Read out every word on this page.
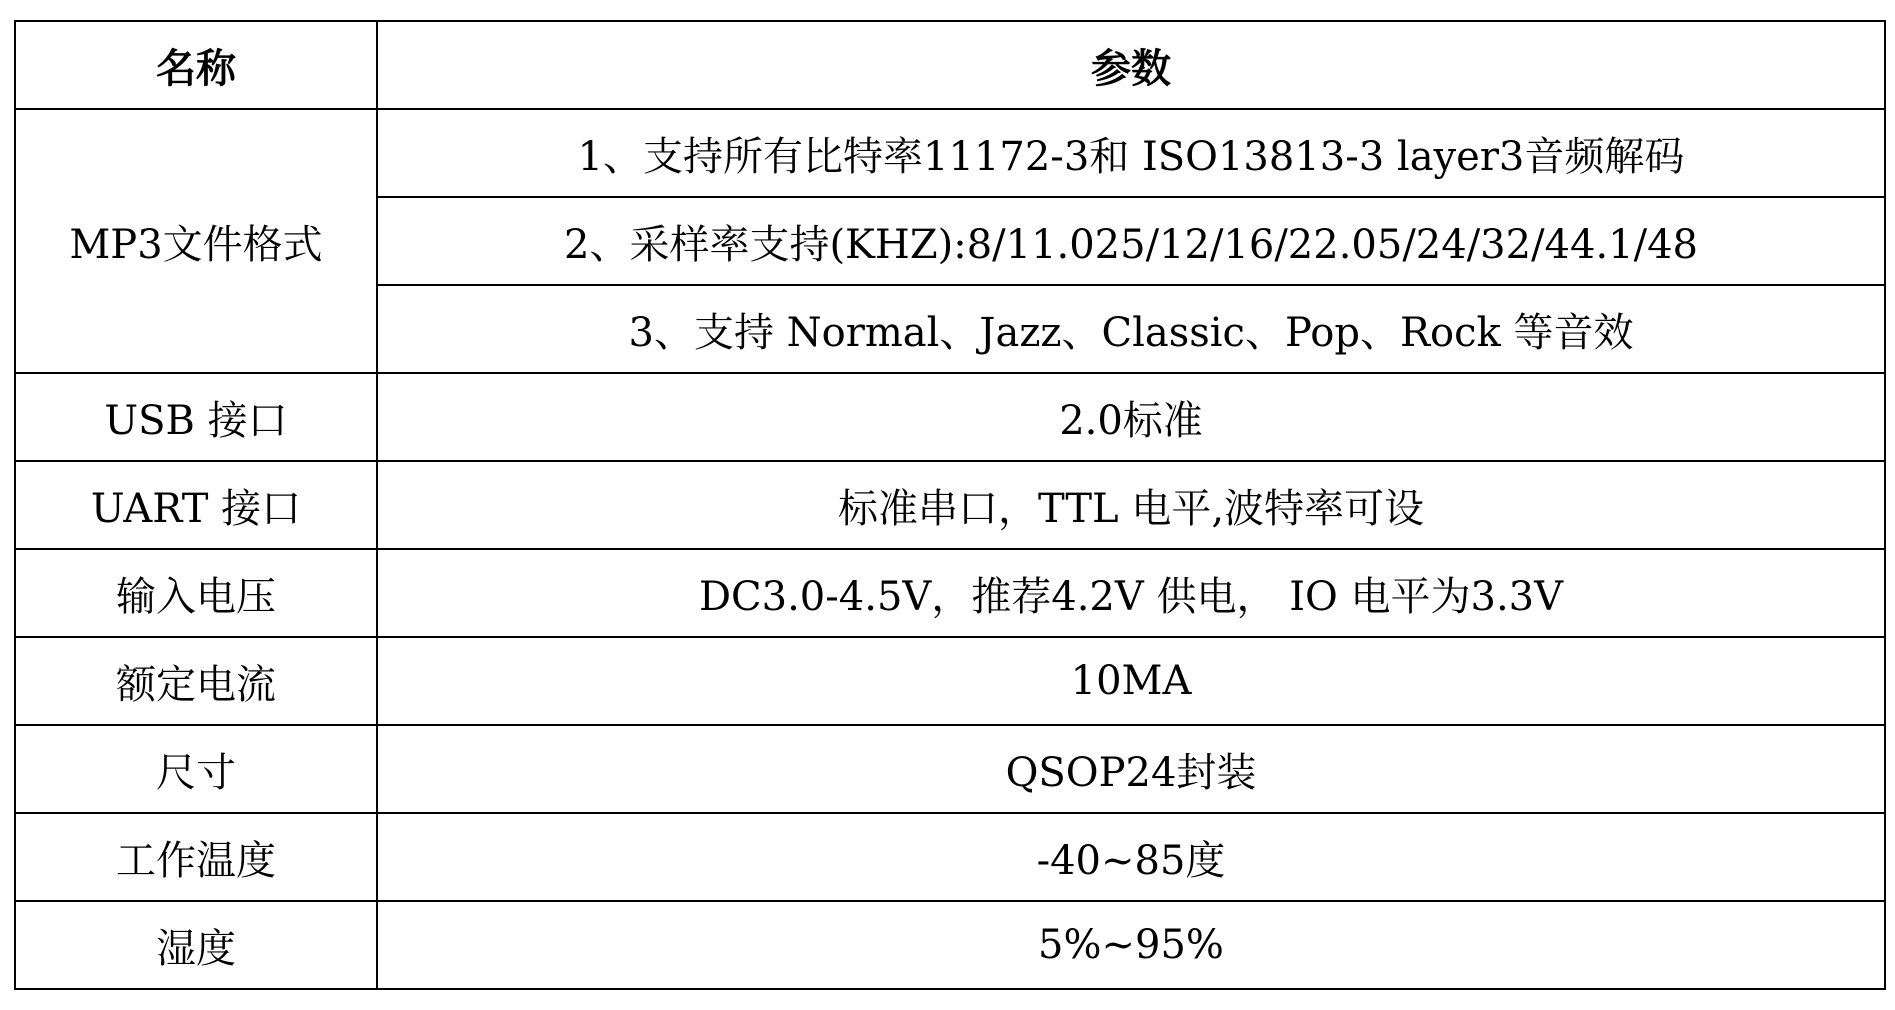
名称	参数
MP3文件格式	1、支持所有比特率11172-3和 ISO13813-3 layer3音频解码
	2、采样率支持(KHZ):8/11.025/12/16/22.05/24/32/44.1/48
	3、支持 Normal、Jazz、Classic、Pop、Rock 等音效
USB 接口	2.0标准
UART 接口	标准串口，TTL 电平,波特率可设
输入电压	DC3.0-4.5V，推荐4.2V 供电， IO 电平为3.3V
额定电流	10MA
尺寸	QSOP24封装
工作温度	-40~85度
湿度	5%~95%
